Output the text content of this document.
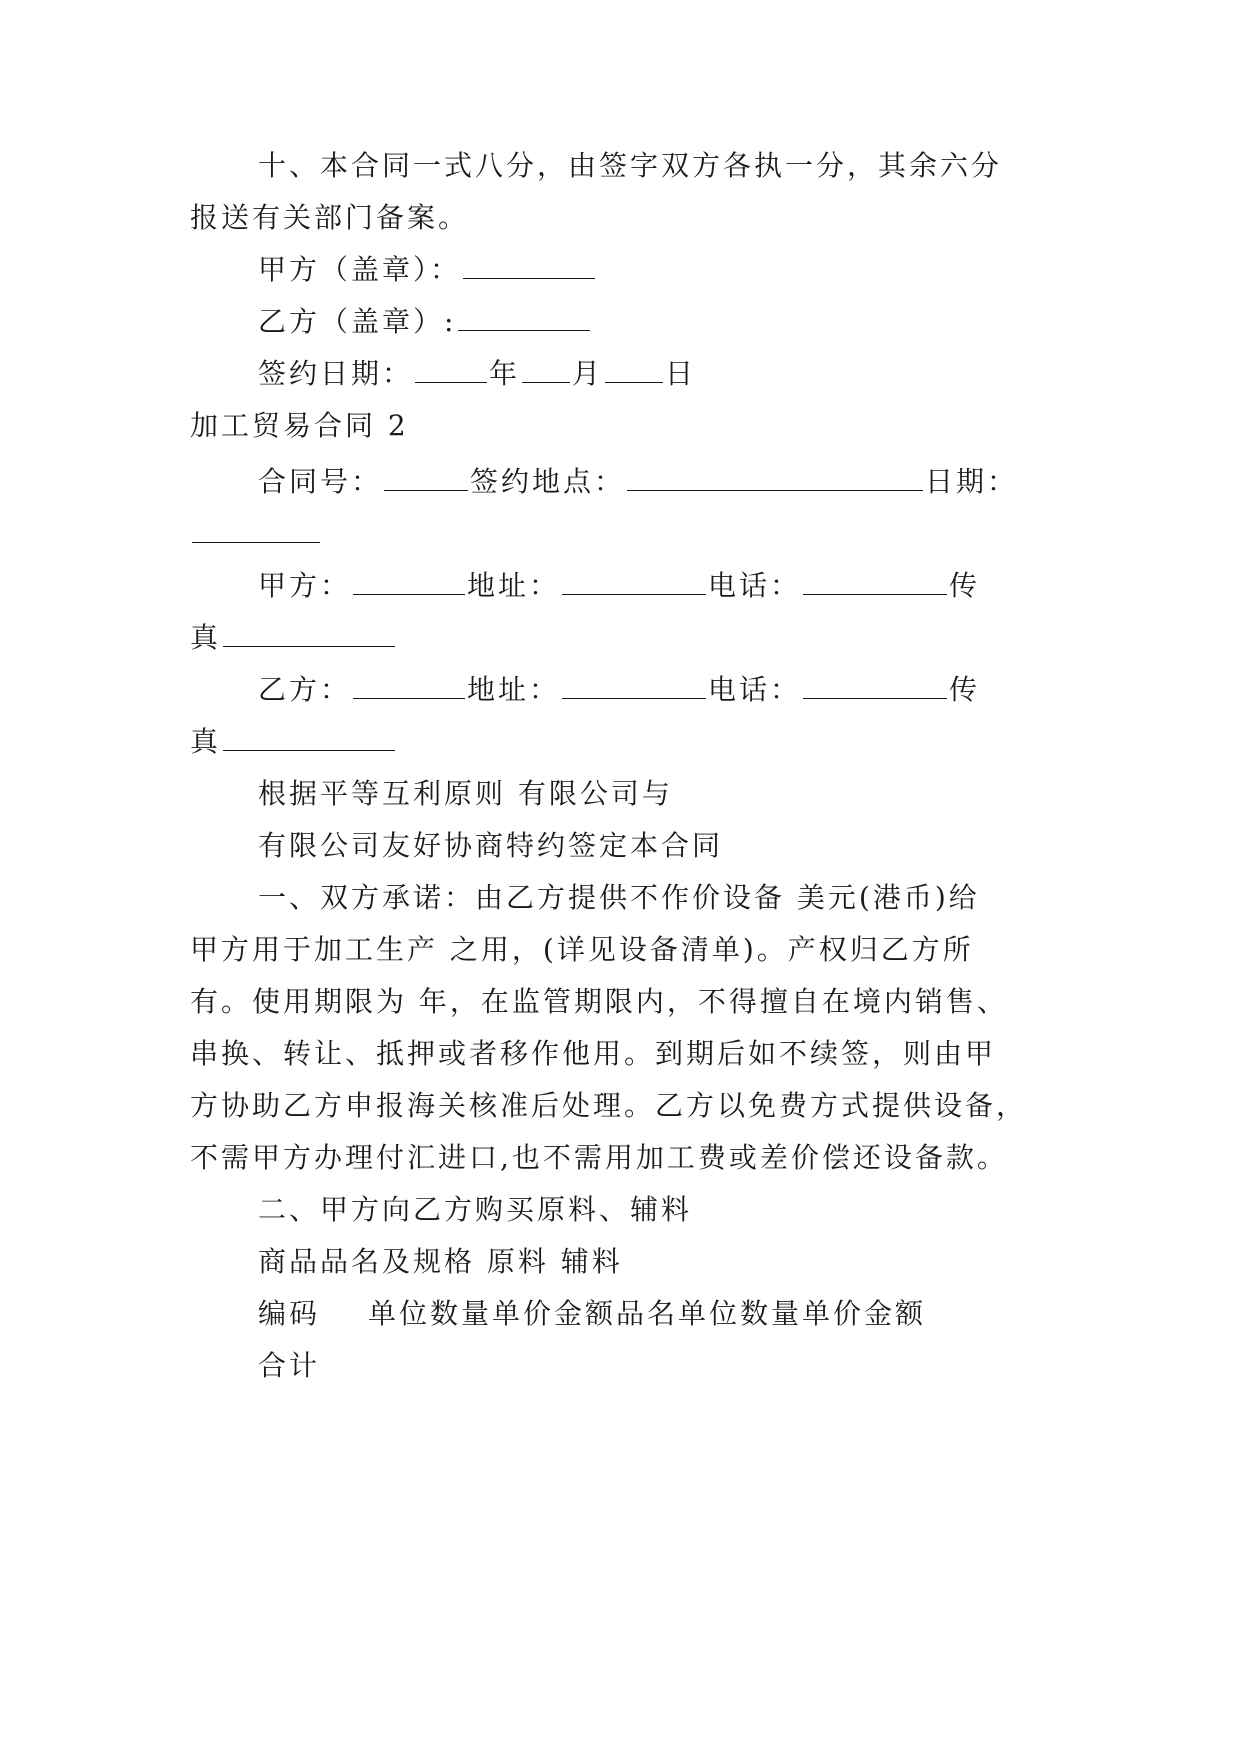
十、本合同一式八分，由签字双方各执一分，其余六分
报送有关部门备案。
甲方（盖章）：
乙方（盖章）:
签约日期：	年 月 日
加工贸易合同 2
合同号：	签约地点：	日期：
甲方：	地址：	电话：	传
真
乙方：	地址：	电话：	传
真
根据平等互利原则 有限公司与
有限公司友好协商特约签定本合同
一、双方承诺：由乙方提供不作价设备 美元(港币)给
甲方用于加工生产 之用，(详见设备清单)。产权归乙方所
有。使用期限为 年，在监管期限内，不得擅自在境内销售、
串换、转让、抵押或者移作他用。到期后如不续签，则由甲
方协助乙方申报海关核准后处理。乙方以免费方式提供设备，
不需甲方办理付汇进口,也不需用加工费或差价偿还设备款。
二、甲方向乙方购买原料、辅料
商品品名及规格 原料 辅料
编码 单位数量单价金额品名单位数量单价金额
合计
